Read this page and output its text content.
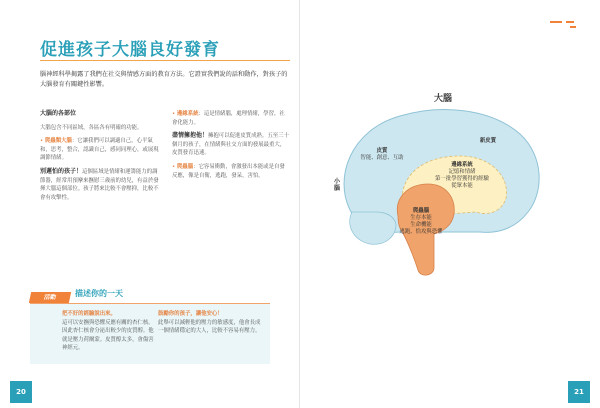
促進孩子大腦良好發育
腦神經科學揭露了我們在社交與情感方面的教育方法。它證實我們說的話和動作，對孩子的大腦發育有關鍵性影響。

大腦的各部位

大腦包含不同區域，各區各有明確的功能。

• 爬蟲類大腦：它讓我們可以調適自己，心平氣和，思考，整合，認識自己，感同同理心，或展現調節情緒。

別遲怕的孩子！這個區域是情緒和運籌能力的調節器，經常用預摩來撫慰三歲前的幼兒，有益於發揮大腦這個部位。孩子將來比較不會壓抑，比較不會有攻擊性。

• 邊緣系統：這是情緒腦，處理情緒，學習，社會化能力。

盡情擁抱他！擁抱可以促進皮質成熟。五至三十個月的孩子，在情緒與社交方面的發展最重大，皮質發育迅速。

• 爬蟲腦：它容易衝動，會激發出本能或是自發反應，像是自衛，逃跑，發呆，害怕。

活動	描述你的一天
把不好的經驗說出來。
這可以安撫與恐懼反應有關的杏仁核。因此杏仁核會分泌出較少的皮質醇。他就是壓力荷爾蒙。皮質醇太多，會傷害神經元。
鼓勵你的孩子，讓他安心！
此舉可以減輕他的壓力的敏感度，他會長成一個情緒穩定的大人，比較不容易有壓力。
20	21
大腦
小腦
皮質
智能、創意、互助
新皮質
邊緣系統
記憶和情緒
第一批學習獲得的經驗
從眾本能
爬蟲腦
生存本能
生命機能
逃跑、恰攻與恐懼
